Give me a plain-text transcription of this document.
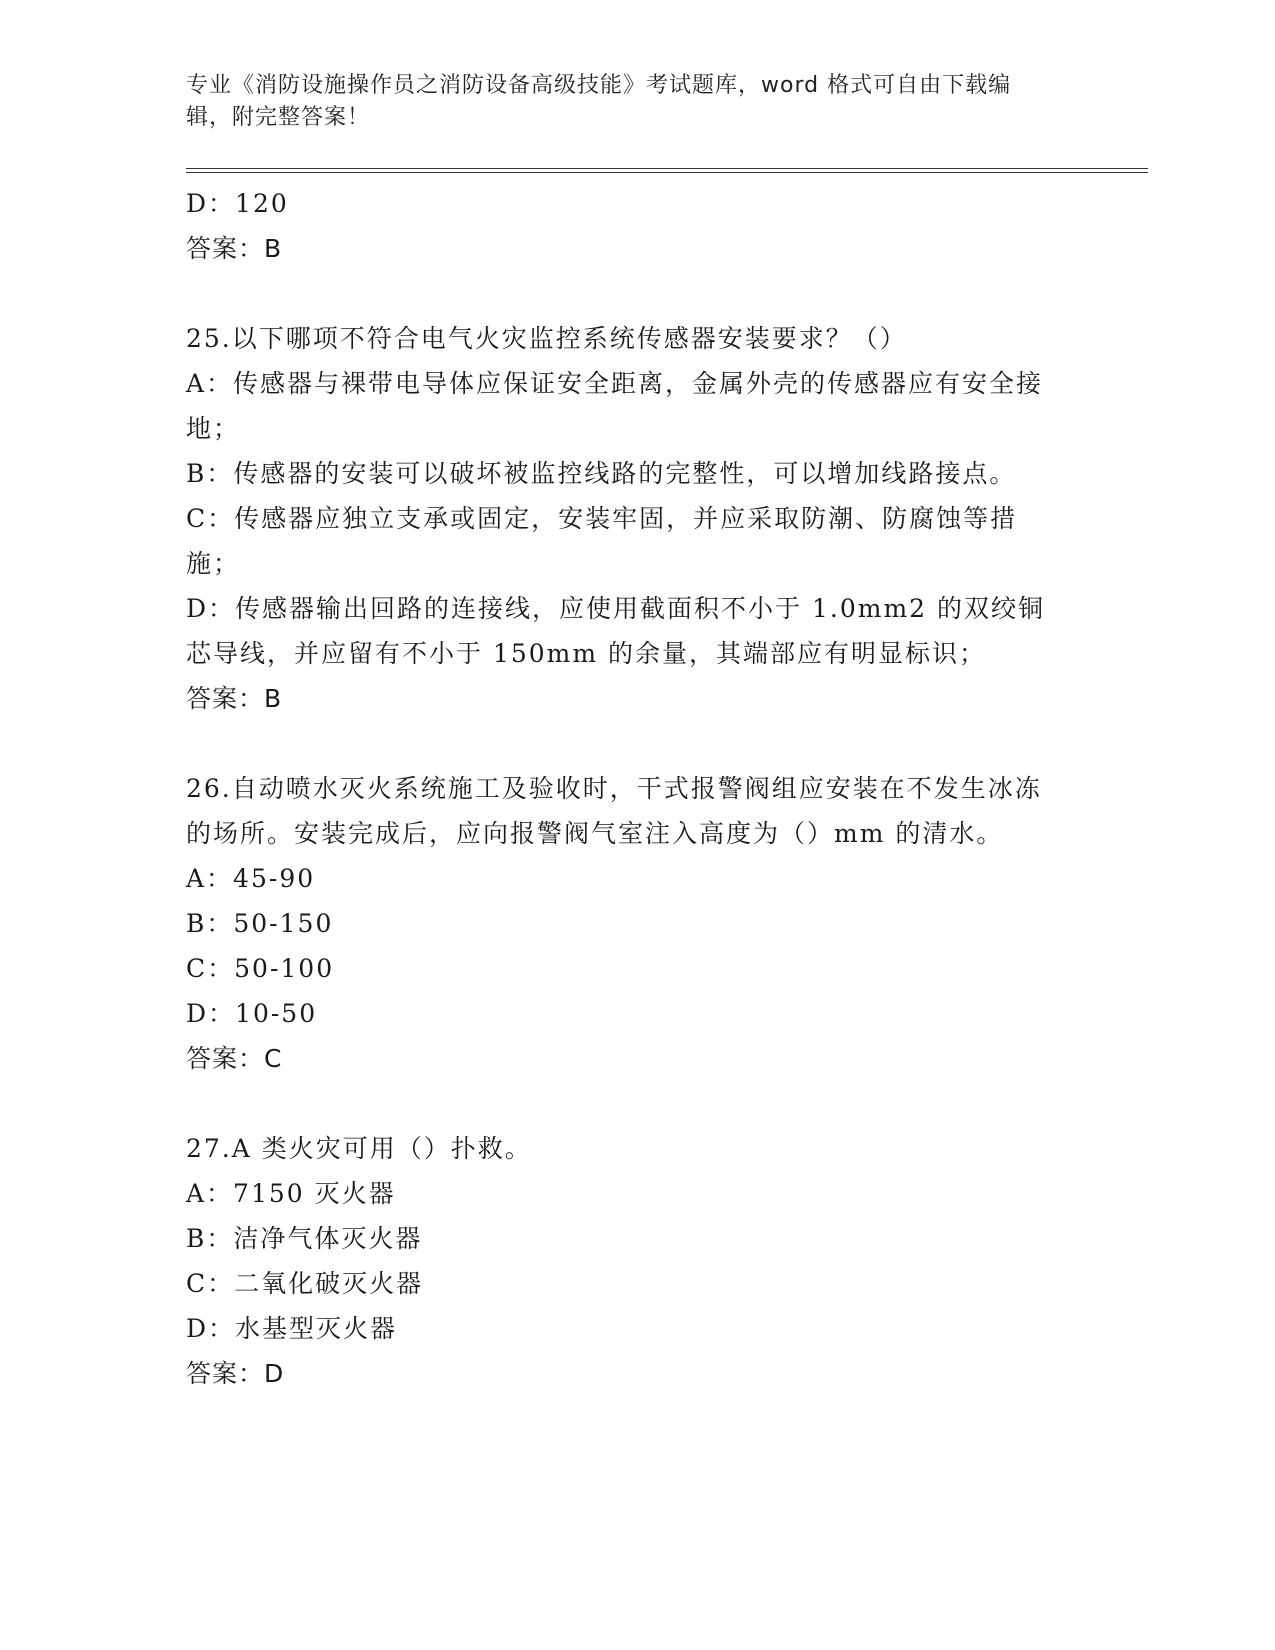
专业《消防设施操作员之消防设备高级技能》考试题库，word 格式可自由下载编辑，附完整答案！
D：120
答案：B
25.以下哪项不符合电气火灾监控系统传感器安装要求？（）
A：传感器与裸带电导体应保证安全距离，金属外壳的传感器应有安全接地；
B：传感器的安装可以破坏被监控线路的完整性，可以增加线路接点。
C：传感器应独立支承或固定，安装牢固，并应采取防潮、防腐蚀等措施；
D：传感器输出回路的连接线，应使用截面积不小于 1.0mm2 的双绞铜芯导线，并应留有不小于 150mm 的余量，其端部应有明显标识；
答案：B
26.自动喷水灭火系统施工及验收时，干式报警阀组应安装在不发生冰冻的场所。安装完成后，应向报警阀气室注入高度为（）mm 的清水。
A：45-90
B：50-150
C：50-100
D：10-50
答案：C
27.A 类火灾可用（）扑救。
A：7150 灭火器
B：洁净气体灭火器
C：二氧化破灭火器
D：水基型灭火器
答案：D
